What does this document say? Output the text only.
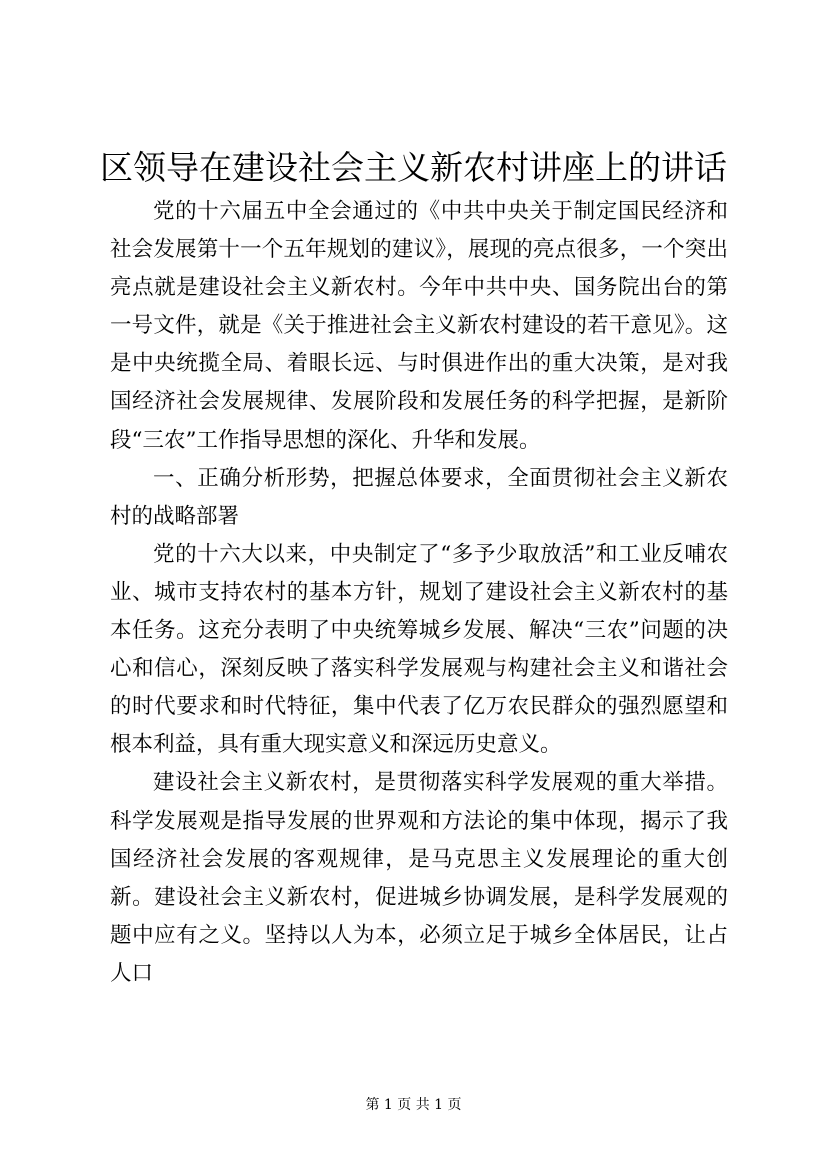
区领导在建设社会主义新农村讲座上的讲话

党的十六届五中全会通过的《中共中央关于制定国民经济和社会发展第十一个五年规划的建议》，展现的亮点很多，一个突出亮点就是建设社会主义新农村。今年中共中央、国务院出台的第一号文件，就是《关于推进社会主义新农村建设的若干意见》。这是中央统揽全局、着眼长远、与时俱进作出的重大决策，是对我国经济社会发展规律、发展阶段和发展任务的科学把握，是新阶段“三农”工作指导思想的深化、升华和发展。

一、正确分析形势，把握总体要求，全面贯彻社会主义新农村的战略部署

党的十六大以来，中央制定了“多予少取放活”和工业反哺农业、城市支持农村的基本方针，规划了建设社会主义新农村的基本任务。这充分表明了中央统筹城乡发展、解决“三农”问题的决心和信心，深刻反映了落实科学发展观与构建社会主义和谐社会的时代要求和时代特征，集中代表了亿万农民群众的强烈愿望和根本利益，具有重大现实意义和深远历史意义。

建设社会主义新农村，是贯彻落实科学发展观的重大举措。科学发展观是指导发展的世界观和方法论的集中体现，揭示了我国经济社会发展的客观规律，是马克思主义发展理论的重大创新。建设社会主义新农村，促进城乡协调发展，是科学发展观的题中应有之义。坚持以人为本，必须立足于城乡全体居民，让占人口

第 1 页 共 1 页
